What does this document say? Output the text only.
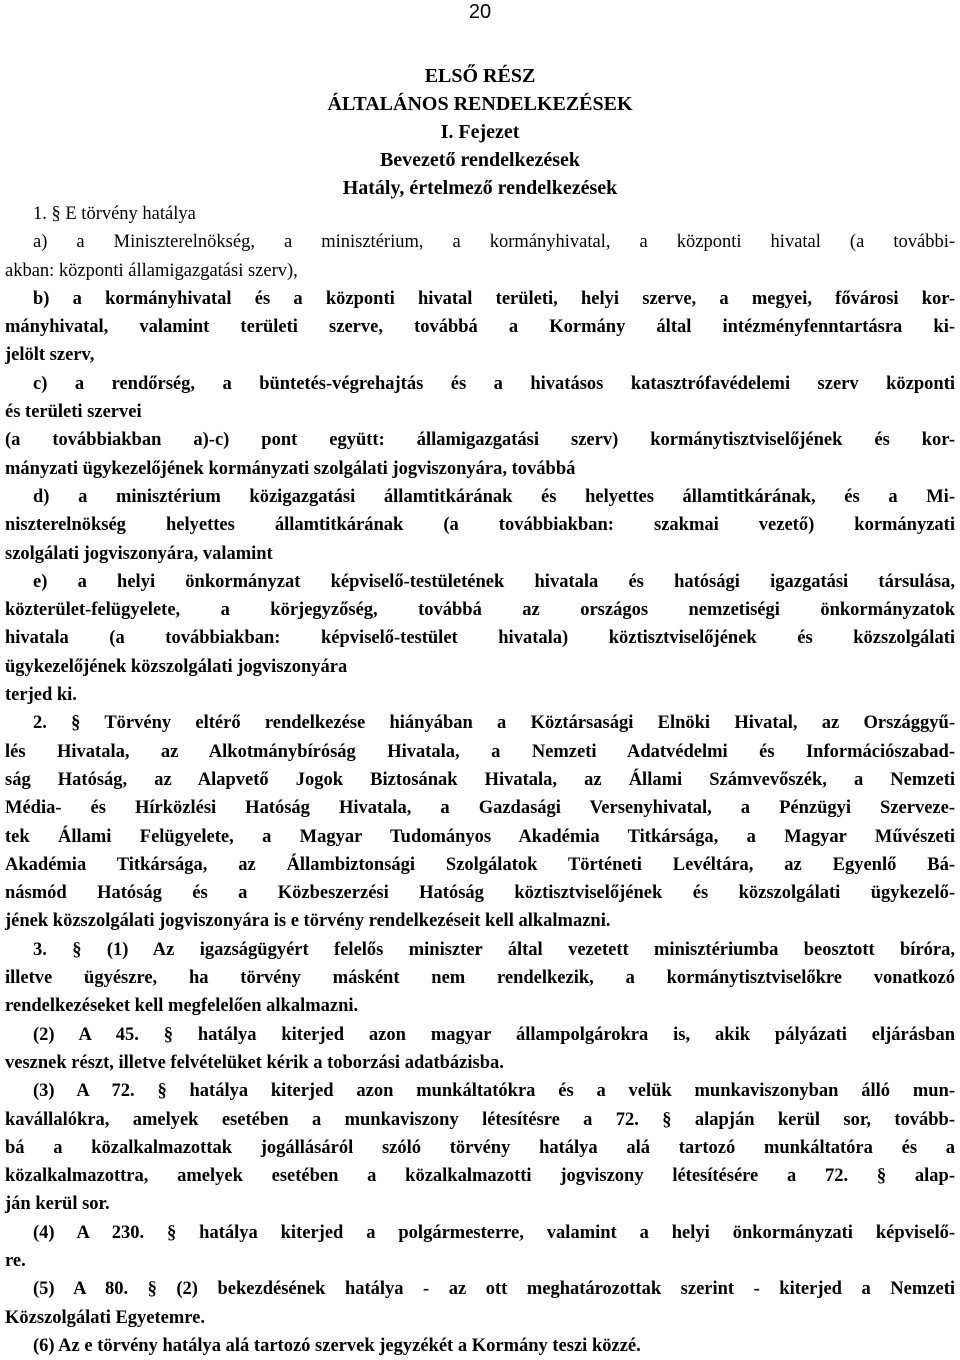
20
ELSŐ RÉSZ
ÁLTALÁNOS RENDELKEZÉSEK
I. Fejezet
Bevezető rendelkezések
Hatály, értelmező rendelkezések
1. § E törvény hatálya
a) a Miniszterelnökség, a minisztérium, a kormányhivatal, a központi hivatal (a további-
akban: központi államigazgatási szerv),
b) a kormányhivatal és a központi hivatal területi, helyi szerve, a megyei, fővárosi kor-
mányhivatal, valamint területi szerve, továbbá a Kormány által intézményfenntartásra ki-
jelölt szerv,
c) a rendőrség, a büntetés-végrehajtás és a hivatásos katasztrófavédelemi szerv központi
és területi szervei
(a továbbiakban a)-c) pont együtt: államigazgatási szerv) kormánytisztviselőjének és kor-
mányzati ügykezelőjének kormányzati szolgálati jogviszonyára, továbbá
d) a minisztérium közigazgatási államtitkárának és helyettes államtitkárának, és a Mi-
niszterelnökség helyettes államtitkárának (a továbbiakban: szakmai vezető) kormányzati
szolgálati jogviszonyára, valamint
e) a helyi önkormányzat képviselő-testületének hivatala és hatósági igazgatási társulása,
közterület-felügyelete, a körjegyzőség, továbbá az országos nemzetiségi önkormányzatok
hivatala (a továbbiakban: képviselő-testület hivatala) köztisztviselőjének és közszolgálati
ügykezelőjének közszolgálati jogviszonyára
terjed ki.
2. § Törvény eltérő rendelkezése hiányában a Köztársasági Elnöki Hivatal, az Országgyű-
lés Hivatala, az Alkotmánybíróság Hivatala, a Nemzeti Adatvédelmi és Információszabad-
ság Hatóság, az Alapvető Jogok Biztosának Hivatala, az Állami Számvevőszék, a Nemzeti
Média- és Hírközlési Hatóság Hivatala, a Gazdasági Versenyhivatal, a Pénzügyi Szerveze-
tek Állami Felügyelete, a Magyar Tudományos Akadémia Titkársága, a Magyar Művészeti
Akadémia Titkársága, az Állambiztonsági Szolgálatok Történeti Levéltára, az Egyenlő Bá-
násmód Hatóság és a Közbeszerzési Hatóság köztisztviselőjének és közszolgálati ügykezelő-
jének közszolgálati jogviszonyára is e törvény rendelkezéseit kell alkalmazni.
3. § (1) Az igazságügyért felelős miniszter által vezetett minisztériumba beosztott bíróra,
illetve ügyészre, ha törvény másként nem rendelkezik, a kormánytisztviselőkre vonatkozó
rendelkezéseket kell megfelelően alkalmazni.
(2) A 45. § hatálya kiterjed azon magyar állampolgárokra is, akik pályázati eljárásban
vesznek részt, illetve felvételüket kérik a toborzási adatbázisba.
(3) A 72. § hatálya kiterjed azon munkáltatókra és a velük munkaviszonyban álló mun-
kavállalókra, amelyek esetében a munkaviszony létesítésre a 72. § alapján kerül sor, tovább-
bá a közalkalmazottak jogállásáról szóló törvény hatálya alá tartozó munkáltatóra és a
közalkalmazottra, amelyek esetében a közalkalmazotti jogviszony létesítésére a 72. § alap-
ján kerül sor.
(4) A 230. § hatálya kiterjed a polgármesterre, valamint a helyi önkormányzati képviselő-
re.
(5) A 80. § (2) bekezdésének hatálya - az ott meghatározottak szerint - kiterjed a Nemzeti
Közszolgálati Egyetemre.
(6) Az e törvény hatálya alá tartozó szervek jegyzékét a Kormány teszi közzé.
